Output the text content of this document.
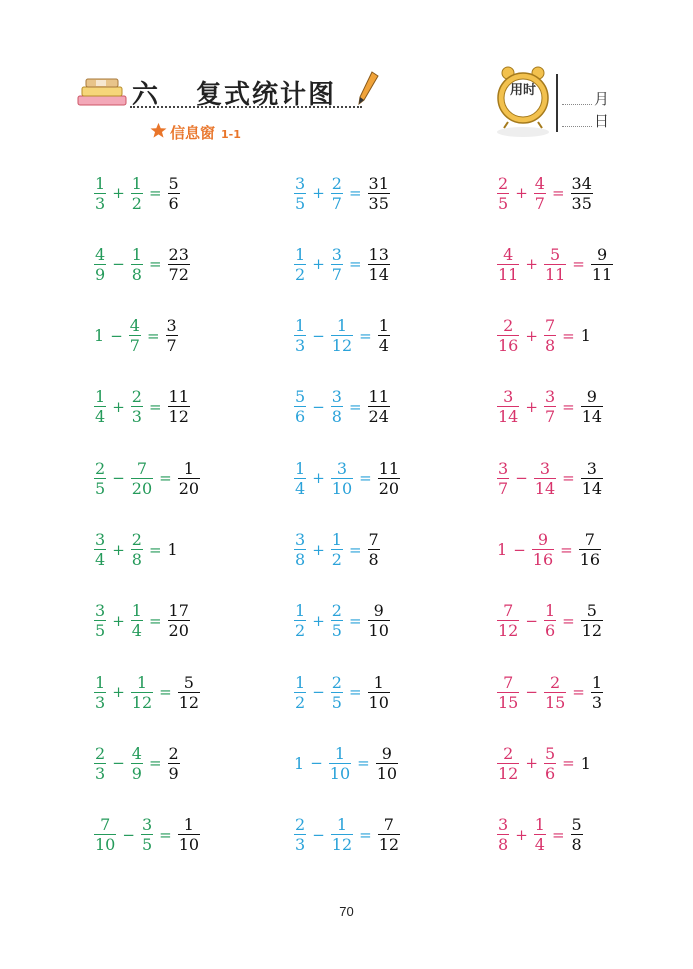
六 复式统计图
信息窗 1-1
用时	月
日
$\frac{1}{3} + \frac{1}{2} = \frac{5}{6}$
$\frac{4}{9} - \frac{1}{8} = \frac{23}{72}$
$1 - \frac{4}{7} = \frac{3}{7}$
$\frac{1}{4} + \frac{2}{3} = \frac{11}{12}$
$\frac{2}{5} - \frac{7}{20} = \frac{1}{20}$
$\frac{3}{4} + \frac{2}{8} = 1$
$\frac{3}{5} + \frac{1}{4} = \frac{17}{20}$
$\frac{1}{3} + \frac{1}{12} = \frac{5}{12}$
$\frac{2}{3} - \frac{4}{9} = \frac{2}{9}$
$\frac{7}{10} - \frac{3}{5} = \frac{1}{10}$
$\frac{3}{5} + \frac{2}{7} = \frac{31}{35}$
$\frac{1}{2} + \frac{3}{7} = \frac{13}{14}$
$\frac{1}{3} - \frac{1}{12} = \frac{1}{4}$
$\frac{5}{6} - \frac{3}{8} = \frac{11}{24}$
$\frac{1}{4} + \frac{3}{10} = \frac{11}{20}$
$\frac{3}{8} + \frac{1}{2} = \frac{7}{8}$
$\frac{1}{2} + \frac{2}{5} = \frac{9}{10}$
$\frac{1}{2} - \frac{2}{5} = \frac{1}{10}$
$1 - \frac{1}{10} = \frac{9}{10}$
$\frac{2}{3} - \frac{1}{12} = \frac{7}{12}$
$\frac{2}{5} + \frac{4}{7} = \frac{34}{35}$
$\frac{4}{11} + \frac{5}{11} = \frac{9}{11}$
$\frac{2}{16} + \frac{7}{8} = 1$
$\frac{3}{14} + \frac{3}{7} = \frac{9}{14}$
$\frac{3}{7} - \frac{3}{14} = \frac{3}{14}$
$1 - \frac{9}{16} = \frac{7}{16}$
$\frac{7}{12} - \frac{1}{6} = \frac{5}{12}$
$\frac{7}{15} - \frac{2}{15} = \frac{1}{3}$
$\frac{2}{12} + \frac{5}{6} = 1$
$\frac{3}{8} + \frac{1}{4} = \frac{5}{8}$
70
